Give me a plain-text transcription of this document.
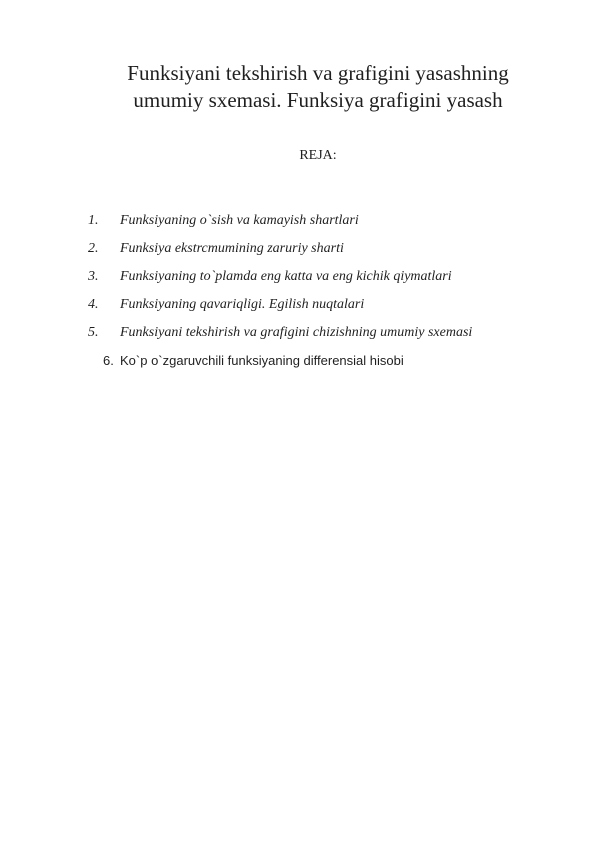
Funksiyani tekshirish va grafigini yasashning
umumiy sxemasi. Funksiya grafigini yasash
REJA:
1. Funksiyaning o`sish va kamayish shartlari
2. Funksiya ekstrcmumining zaruriy sharti
3. Funksiyaning to`plamda eng katta va eng kichik qiymatlari
4. Funksiyaning qavariqligi. Egilish nuqtalari
5. Funksiyani tekshirish va grafigini chizishning umumiy sxemasi
6. Ko`p o`zgaruvchili funksiyaning differensial hisobi
